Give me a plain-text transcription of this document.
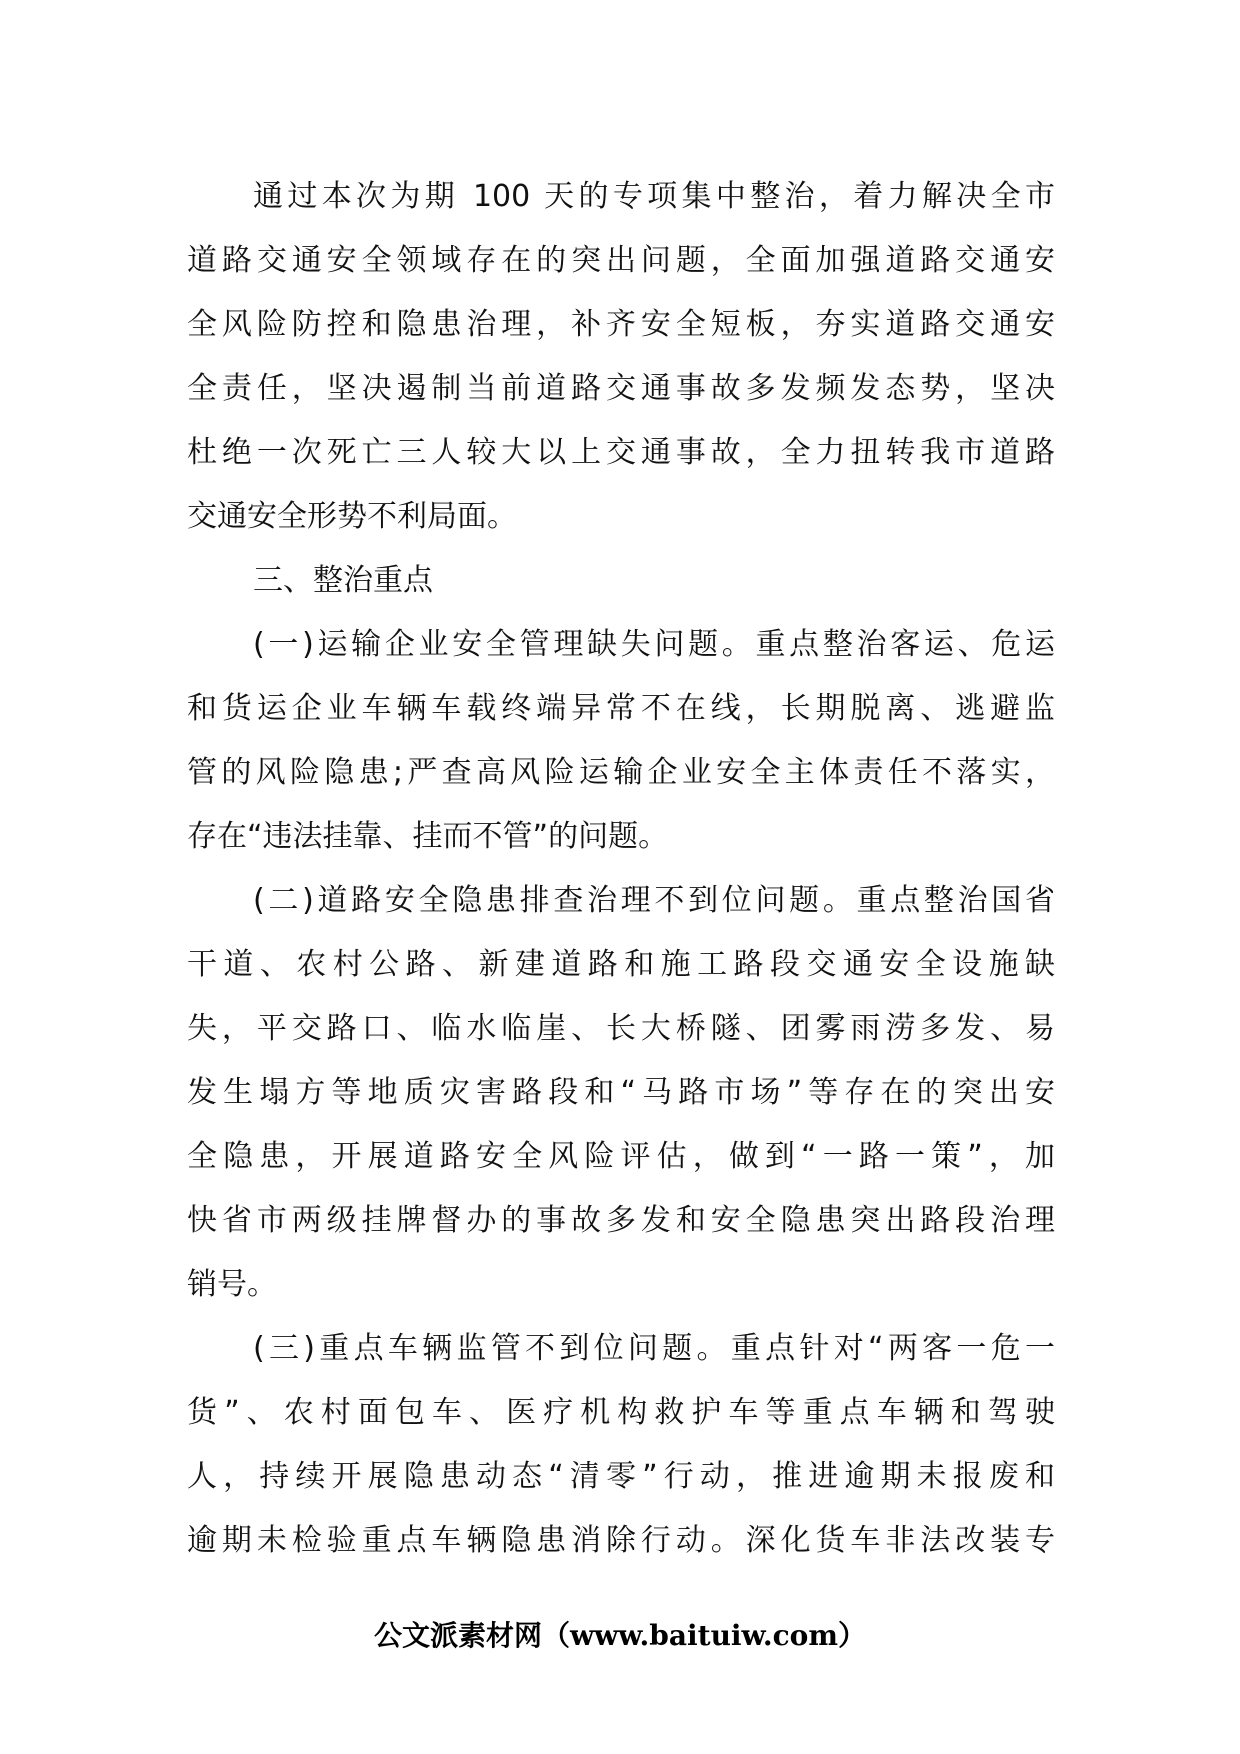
通过本次为期 100 天的专项集中整治，着力解决全市
道路交通安全领域存在的突出问题，全面加强道路交通安
全风险防控和隐患治理，补齐安全短板，夯实道路交通安
全责任，坚决遏制当前道路交通事故多发频发态势，坚决
杜绝一次死亡三人较大以上交通事故，全力扭转我市道路
交通安全形势不利局面。
三、整治重点
(一)运输企业安全管理缺失问题。重点整治客运、危运
和货运企业车辆车载终端异常不在线，长期脱离、逃避监
管的风险隐患;严查高风险运输企业安全主体责任不落实，
存在“违法挂靠、挂而不管”的问题。
(二)道路安全隐患排查治理不到位问题。重点整治国省
干道、农村公路、新建道路和施工路段交通安全设施缺
失，平交路口、临水临崖、长大桥隧、团雾雨涝多发、易
发生塌方等地质灾害路段和“马路市场”等存在的突出安
全隐患，开展道路安全风险评估，做到“一路一策”，加
快省市两级挂牌督办的事故多发和安全隐患突出路段治理
销号。
(三)重点车辆监管不到位问题。重点针对“两客一危一
货”、农村面包车、医疗机构救护车等重点车辆和驾驶
人，持续开展隐患动态“清零”行动，推进逾期未报废和
逾期未检验重点车辆隐患消除行动。深化货车非法改装专
公文派素材网（www.baituiw.com）
